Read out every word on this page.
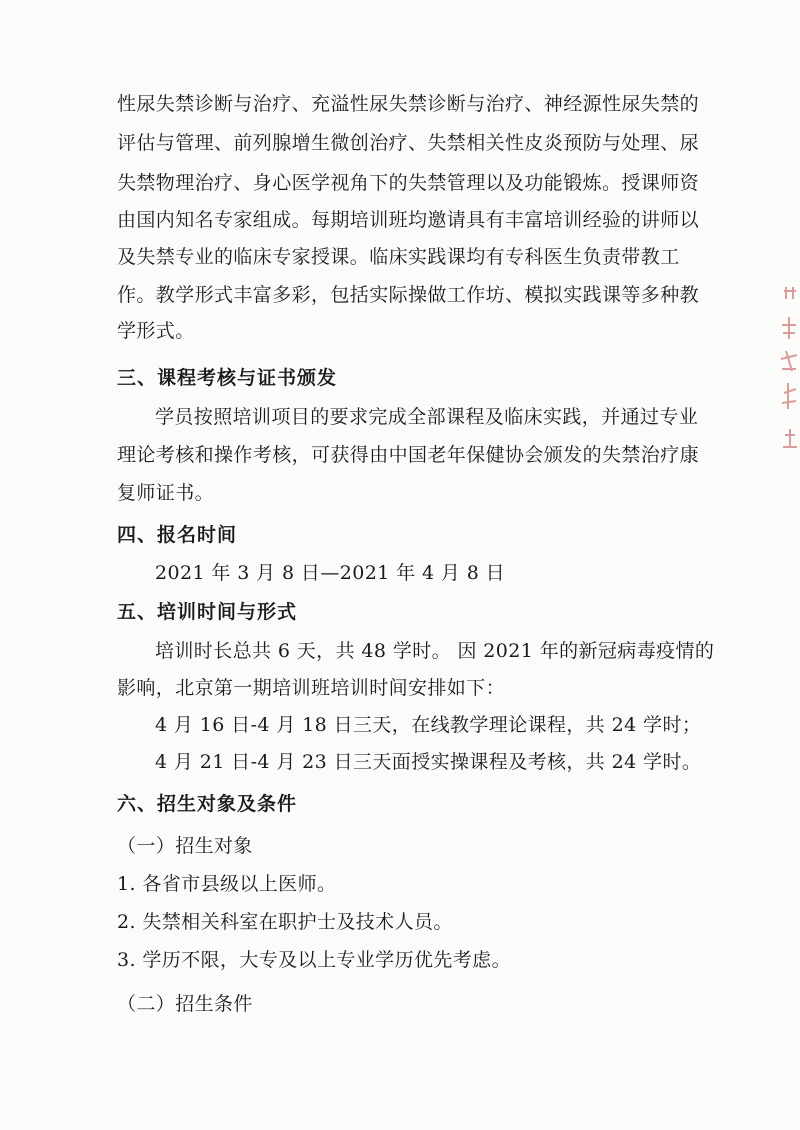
性尿失禁诊断与治疗、充溢性尿失禁诊断与治疗、神经源性尿失禁的
评估与管理、前列腺增生微创治疗、失禁相关性皮炎预防与处理、尿
失禁物理治疗、身心医学视角下的失禁管理以及功能锻炼。授课师资
由国内知名专家组成。每期培训班均邀请具有丰富培训经验的讲师以
及失禁专业的临床专家授课。临床实践课均有专科医生负责带教工
作。教学形式丰富多彩，包括实际操做工作坊、模拟实践课等多种教
学形式。
三、课程考核与证书颁发
学员按照培训项目的要求完成全部课程及临床实践，并通过专业
理论考核和操作考核，可获得由中国老年保健协会颁发的失禁治疗康
复师证书。
四、报名时间
2021 年 3 月 8 日—2021 年 4 月 8 日
五、培训时间与形式
培训时长总共 6 天，共 48 学时。 因 2021 年的新冠病毒疫情的
影响，北京第一期培训班培训时间安排如下：
4 月 16 日-4 月 18 日三天，在线教学理论课程，共 24 学时；
4 月 21 日-4 月 23 日三天面授实操课程及考核，共 24 学时。
六、招生对象及条件
（一）招生对象
1. 各省市县级以上医师。
2. 失禁相关科室在职护士及技术人员。
3. 学历不限，大专及以上专业学历优先考虑。
（二）招生条件
